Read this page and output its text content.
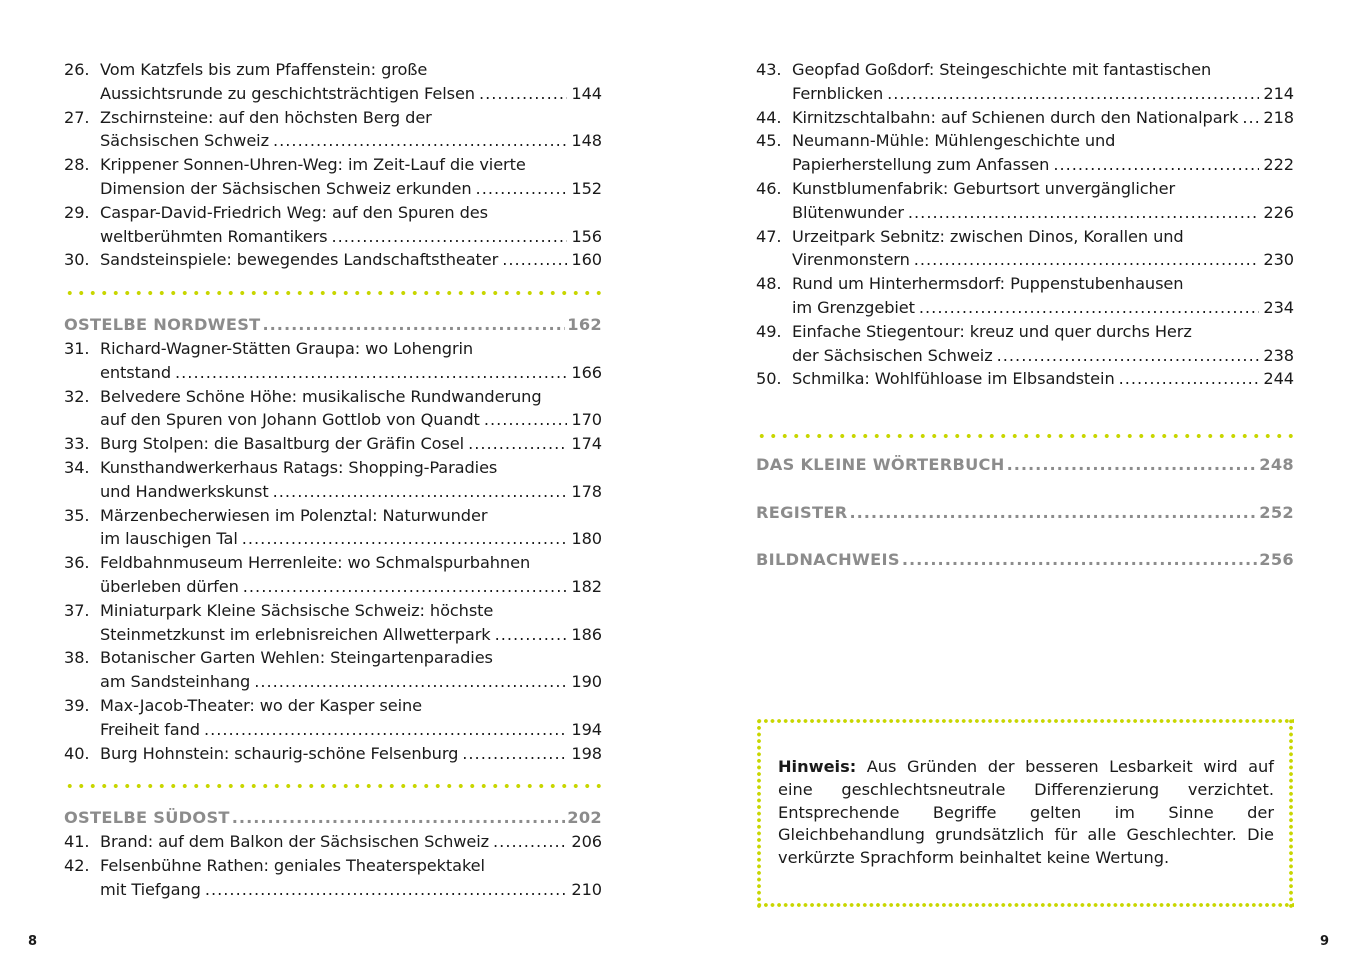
26. Vom Katzfels bis zum Pfaffenstein: große
Aussichtsrunde zu geschichtsträchtigen Felsen .....	144
27. Zschirnsteine: auf den höchsten Berg der
Sächsischen Schweiz .....	148
28. Krippener Sonnen-Uhren-Weg: im Zeit-Lauf die vierte
Dimension der Sächsischen Schweiz erkunden .....	152
29. Caspar-David-Friedrich Weg: auf den Spuren des
weltberühmten Romantikers .....	156
30. Sandsteinspiele: bewegendes Landschaftstheater .....	160
OSTELBE NORDWEST .....	162
31. Richard-Wagner-Stätten Graupa: wo Lohengrin
entstand .....	166
32. Belvedere Schöne Höhe: musikalische Rundwanderung
auf den Spuren von Johann Gottlob von Quandt .....	170
33. Burg Stolpen: die Basaltburg der Gräfin Cosel .....	174
34. Kunsthandwerkerhaus Ratags: Shopping-Paradies
und Handwerkskunst .....	178
35. Märzenbecherwiesen im Polenztal: Naturwunder
im lauschigen Tal .....	180
36. Feldbahnmuseum Herrenleite: wo Schmalspurbahnen
überleben dürfen .....	182
37. Miniaturpark Kleine Sächsische Schweiz: höchste
Steinmetzkunst im erlebnisreichen Allwetterpark .....	186
38. Botanischer Garten Wehlen: Steingartenparadies
am Sandsteinhang .....	190
39. Max-Jacob-Theater: wo der Kasper seine
Freiheit fand .....	194
40. Burg Hohnstein: schaurig-schöne Felsenburg .....	198
OSTELBE SÜDOST .....	202
41. Brand: auf dem Balkon der Sächsischen Schweiz .....	206
42. Felsenbühne Rathen: geniales Theaterspektakel
mit Tiefgang .....	210
43. Geopfad Goßdorf: Steingeschichte mit fantastischen
Fernblicken .....	214
44. Kirnitzschtalbahn: auf Schienen durch den Nationalpark ..... 218
45. Neumann-Mühle: Mühlengeschichte und
Papierherstellung zum Anfassen .....	222
46. Kunstblumenfabrik: Geburtsort unvergänglicher
Blütenwunder .....	226
47. Urzeitpark Sebnitz: zwischen Dinos, Korallen und
Virenmonstern .....	230
48. Rund um Hinterhermsdorf: Puppenstubenhausen
im Grenzgebiet .....	234
49. Einfache Stiegentour: kreuz und quer durchs Herz
der Sächsischen Schweiz .....	238
50. Schmilka: Wohlfühloase im Elbsandstein .....	244
DAS KLEINE WÖRTERBUCH .....	248
REGISTER .....	252
BILDNACHWEIS .....	256
Hinweis: Aus Gründen der besseren Lesbarkeit wird auf eine geschlechtsneutrale Differenzierung verzichtet. Entsprechende Begriffe gelten im Sinne der Gleichbehandlung grundsätzlich für alle Geschlechter. Die verkürzte Sprachform beinhaltet keine Wertung.
8	9
